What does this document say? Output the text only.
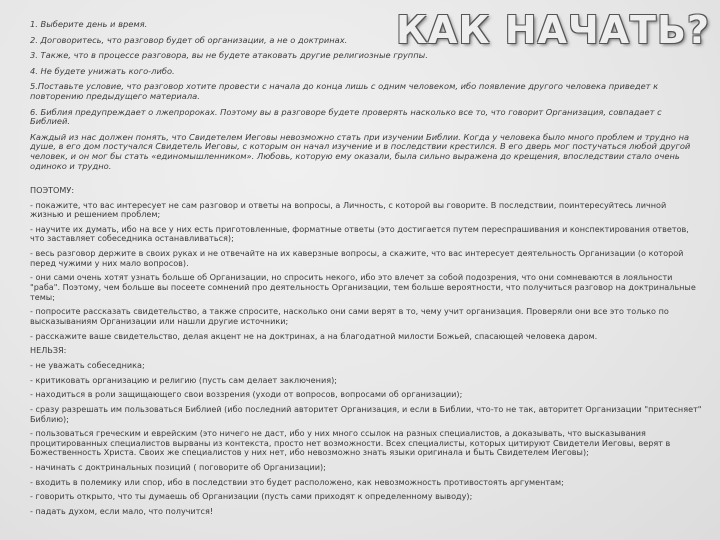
КАК НАЧАТЬ?
1. Выберите день и время.
2. Договоритесь, что разговор будет об организации, а не о доктринах.
3. Также, что в процессе разговора, вы не будете атаковать другие религиозные группы.
4. Не будете унижать кого-либо.
5.Поставьте условие, что разговор хотите провести с начала до конца лишь с одним человеком, ибо появление другого человека приведет к повторению предыдущего материала.
6. Библия предупреждает о лжепророках. Поэтому вы в разговоре будете проверять насколько все то, что говорит Организация, совпадает с Библией.
Каждый из нас должен понять, что Свидетелем Иеговы невозможно стать при изучении Библии. Когда у человека было много проблем и трудно на душе, в его дом постучался Свидетель Иеговы, с которым он начал изучение и в последствии крестился. В его дверь мог постучаться любой другой человек, и он мог бы стать «единомышленником». Любовь, которую ему оказали, была сильно выражена до крещения, впоследствии стало очень одиноко и трудно.
ПОЭТОМУ:
- покажите, что вас интересует не сам разговор и ответы на вопросы, а Личность, с которой вы говорите. В последствии, поинтересуйтесь личной жизнью и решением проблем;
- научите их думать, ибо на все у них есть приготовленные, форматные ответы (это достигается путем переспрашивания и конспектирования ответов, что заставляет собеседника останавливаться);
- весь разговор держите в своих руках и не отвечайте на их каверзные вопросы, а скажите, что вас интересует деятельность Организации (о которой перед чужими у них мало вопросов).
- они сами очень хотят узнать больше об Организации, но спросить некого, ибо это влечет за собой подозрения, что они сомневаются в лояльности "раба". Поэтому, чем больше вы посеете сомнений про деятельность Организации, тем больше вероятности, что получиться разговор на доктринальные темы;
- попросите рассказать свидетельство, а также спросите, насколько они сами верят в то, чему учит организация. Проверяли они все это только по высказываниям Организации или нашли другие источники;
- расскажите ваше свидетельство, делая акцент не на доктринах, а на благодатной милости Божьей, спасающей человека даром.
НЕЛЬЗЯ:
- не уважать собеседника;
- критиковать организацию и религию (пусть сам делает заключения);
- находиться в роли защищающего свои воззрения (уходи от вопросов, вопросами об организации);
- сразу разрешать им пользоваться Библией (ибо последний авторитет Организация, и если в Библии, что-то не так, авторитет Организации "притесняет" Библию);
- пользоваться греческим и еврейским (это ничего не даст, ибо у них много ссылок на разных специалистов, а доказывать, что высказывания процитированных специалистов вырваны из контекста, просто нет возможности. Всех специалисты, которых цитируют Свидетели Иеговы, верят в Божественность Христа. Своих же специалистов у них нет, ибо невозможно знать языки оригинала и быть Свидетелем Иеговы);
- начинать с доктринальных позиций ( поговорите об Организации);
- входить в полемику или спор, ибо в последствии это будет расположено, как невозможность противостоять аргументам;
- говорить открыто, что ты думаешь об Организации (пусть сами приходят к определенному выводу);
- падать духом, если мало, что получится!
